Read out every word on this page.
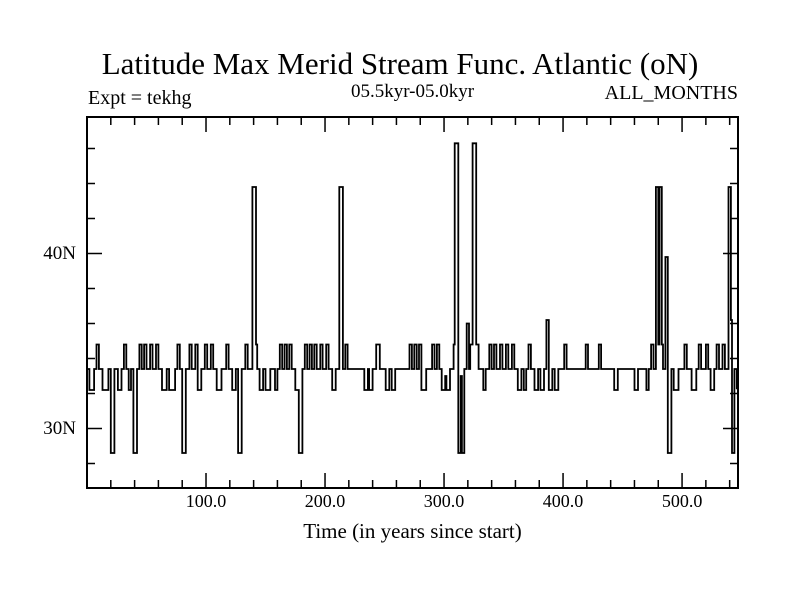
Latitude Max Merid Stream Func. Atlantic (oN)
05.5kyr-05.0kyr
Expt = tekhg	ALL_MONTHS
Time (in years since start)
100.0	200.0	300.0	400.0	500.0
30N
40N
